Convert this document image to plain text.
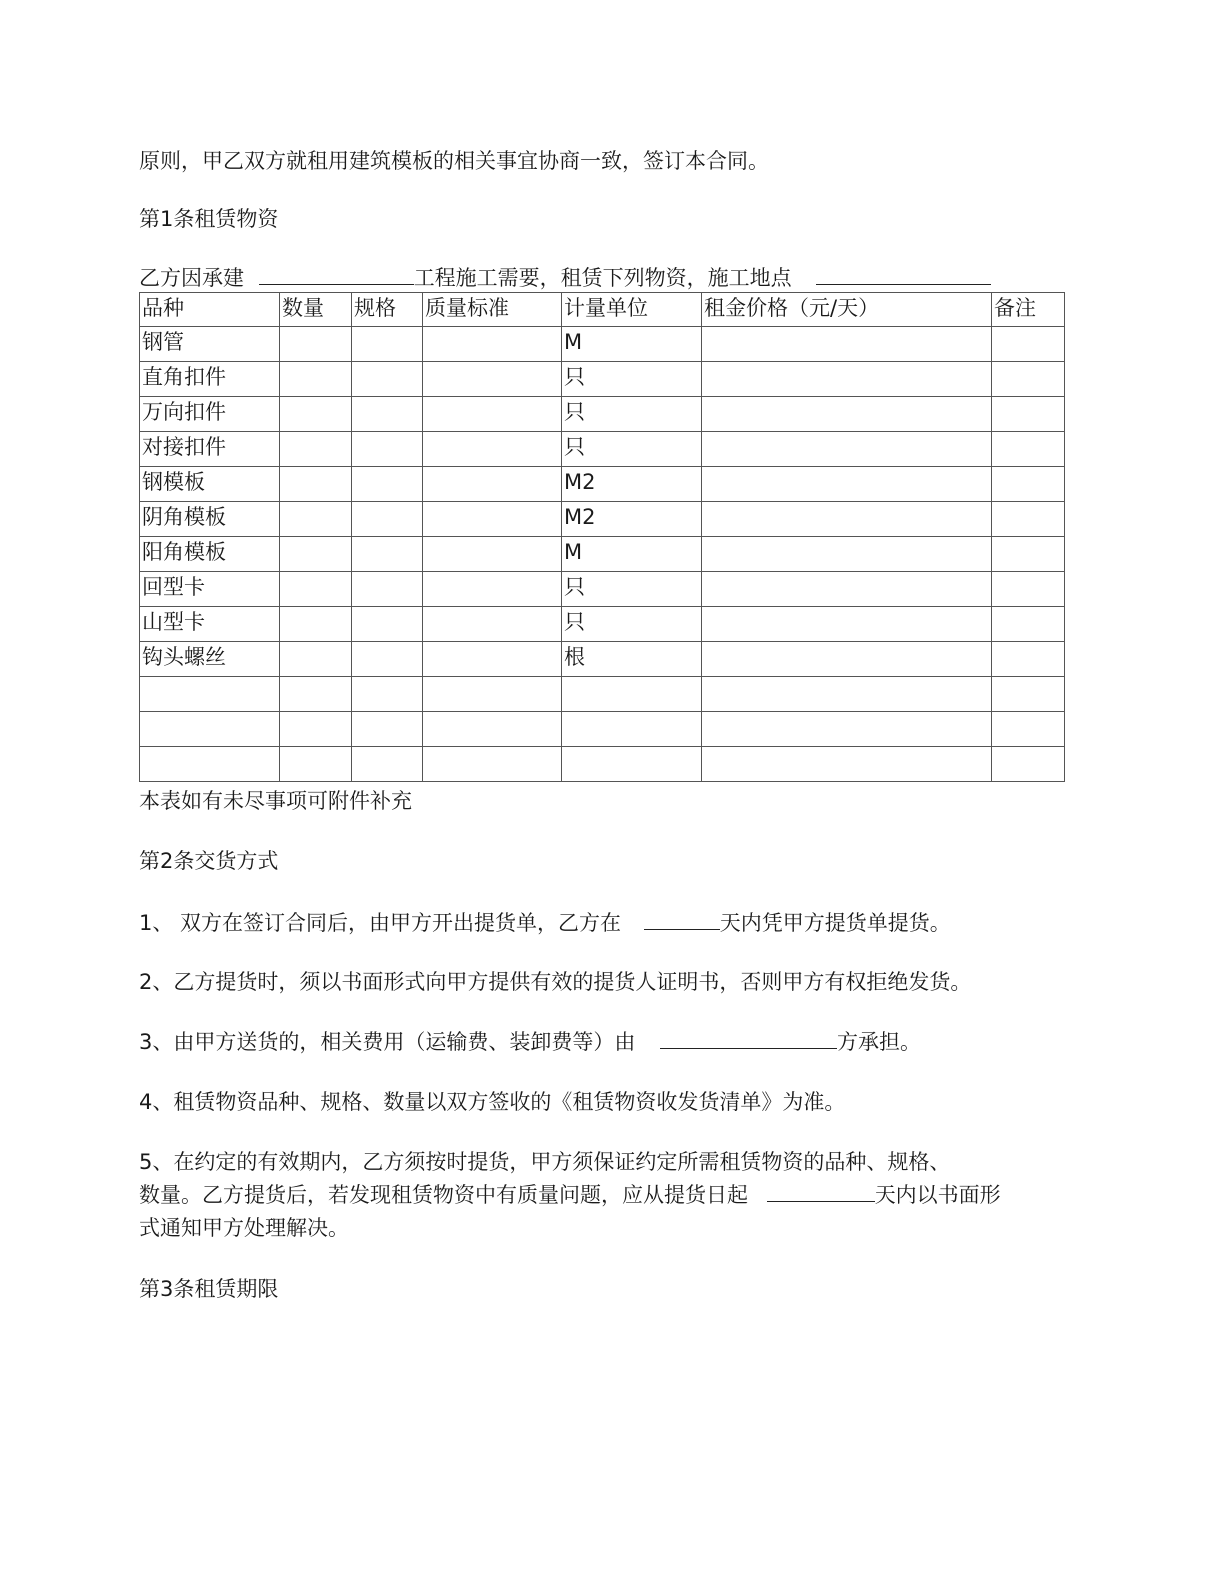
原则，甲乙双方就租用建筑模板的相关事宜协商一致，签订本合同。
第1条租赁物资
乙方因承建	工程施工需要，租赁下列物资，施工地点
品种	数量	规格	质量标准	计量单位	租金价格（元/天）	备注
钢管				M		
直角扣件				只		
万向扣件				只		
对接扣件				只		
钢模板				M2		
阴角模板				M2		
阳角模板				M		
回型卡				只		
山型卡				只		
钩头螺丝				根		

本表如有未尽事项可附件补充
第2条交货方式
1、 双方在签订合同后，由甲方开出提货单，乙方在	天内凭甲方提货单提货。
2、乙方提货时，须以书面形式向甲方提供有效的提货人证明书，否则甲方有权拒绝发货。
3、由甲方送货的，相关费用（运输费、装卸费等）由	方承担。
4、租赁物资品种、规格、数量以双方签收的《租赁物资收发货清单》为准。
5、在约定的有效期内，乙方须按时提货，甲方须保证约定所需租赁物资的品种、规格、
数量。乙方提货后，若发现租赁物资中有质量问题，应从提货日起	天内以书面形
式通知甲方处理解决。
第3条租赁期限
